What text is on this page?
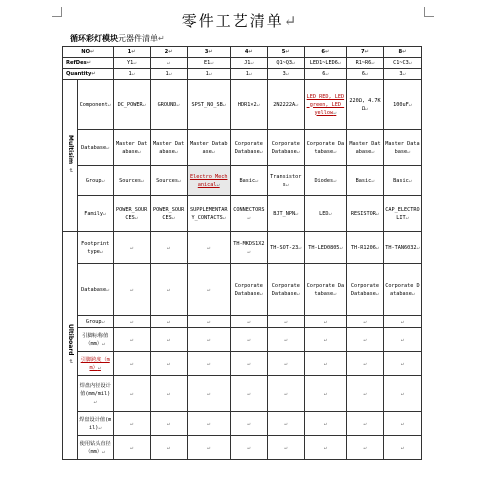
零件工艺清单↵
循环彩灯模块元器件清单↵
NO↵		1↵	2↵	3↵	4↵	5↵	6↵	7↵	8↵
RefDes↵		Y1↵	↵	E1↵	J1↵	Q1~Q3↵	LED1~LED6↵	R1~R6↵	C1~C3↵
Quantity↵		1↵	1↵	1↵	1↵	3↵	6↵	6↵	3↵
Multisim↵	Component↵	DC_POWER↵	GROUND↵	SPST_NO_SB↵	HDR1×2↵	2N2222A↵	LED_RED, LED_green, LED_yellow↵	220Ω, 4.7KΩ↵	100uF↵
	Database↵	Master Database↵	Master Database↵	Master Database↵	Corporate Database↵	Corporate Database↵	Corporate Database↵	Master Database↵	Master Database↵
	Group↵	Sources↵	Sources↵	Electro_Mechanical↵	Basic↵	Transistors↵	Diodes↵	Basic↵	Basic↵
	Family↵	POWER_SOURCES↵	POWER_SOURCES↵	SUPPLEMENTARY_CONTACTS↵	CONNECTORS↵	BJT_NPN↵	LED↵	RESISTOR↵	CAP_ELECTROLIT↵
Ultiboard↵	Footprint type↵	↵	↵	↵	TH-MKDS1X2↵	TH-SOT-23↵	TH-LED0805↵	TH-R1206↵	TH-TAN6032↵
	Database↵	↵	↵	↵	Corporate Database↵	Corporate Database↵	Corporate Database↵	Corporate Database↵	Corporate Database↵
	Group↵	↵	↵	↵	↵	↵	↵	↵	↵
	引脚标称值（mm）↵	↵	↵	↵	↵	↵	↵	↵	↵
	引脚跨度（mm）↵	↵	↵	↵	↵	↵	↵	↵	↵
	焊盘内径设计值(mm/mil)↵	↵	↵	↵	↵	↵	↵	↵	↵
	焊盘设计值(mil)↵	↵	↵	↵	↵	↵	↵	↵	↵
	使用钻头直径（mm）↵	↵	↵	↵	↵	↵	↵	↵	↵
